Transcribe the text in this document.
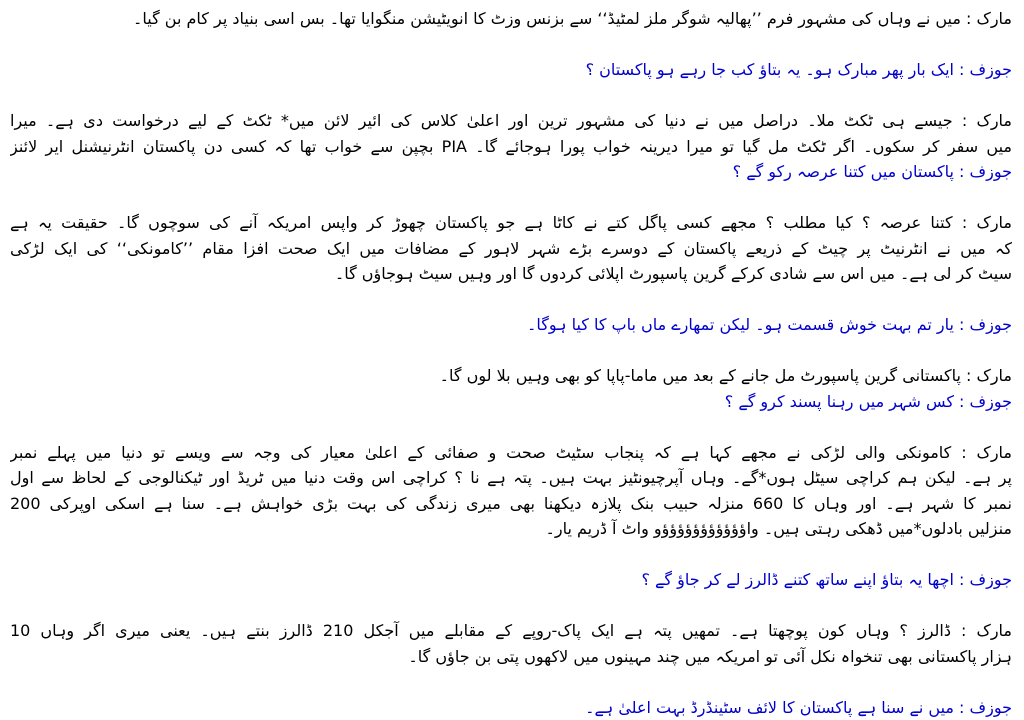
مارک : میں نے وہاں کی مشہور فرم ’’پھالیہ شوگر ملز لمٹیڈ‘‘ سے بزنس وزٹ کا انویٹیشن منگوایا تھا۔ بس اسی بنیاد پر کام بن گیا۔
جوزف : ایک بار پھر مبارک ہو۔ یہ بتاؤ کب جا رہے ہو پاکستان ؟
مارک : جیسے ہی ٹکٹ ملا۔ دراصل میں نے دنیا کی مشہور ترین اور اعلیٰ کلاس کی ائیر لائن میں* ٹکٹ کے لیے درخواست دی ہے۔ میرا
میں سفر کر سکوں۔ اگر ٹکٹ مل گیا تو میرا دیرینہ خواب پورا ہوجائے گا۔ PIA بچپن سے خواب تھا کہ کسی دن پاکستان انٹرنیشنل ایر لائنز
جوزف : پاکستان میں کتنا عرصہ رکو گے ؟
مارک : کتنا عرصہ ؟ کیا مطلب ؟ مجھے کسی پاگل کتے نے کاٹا ہے جو پاکستان چھوڑ کر واپس امریکہ آنے کی سوچوں گا۔ حقیقت یہ ہے
کہ میں نے انٹرنیٹ پر چیٹ کے ذریعے پاکستان کے دوسرے بڑے شہر لاہور کے مضافات میں ایک صحت افزا مقام ’’کامونکی‘‘ کی ایک لڑکی
سیٹ کر لی ہے۔ میں اس سے شادی کرکے گرین پاسپورٹ اپلائی کردوں گا اور وہیں سیٹ ہوجاؤں گا۔
جوزف : یار تم بہت خوش قسمت ہو۔ لیکن تمھارے ماں باپ کا کیا ہوگا۔
مارک : پاکستانی گرین پاسپورٹ مل جانے کے بعد میں ماما-پاپا کو بھی وہیں بلا لوں گا۔
جوزف : کس شہر میں رہنا پسند کرو گے ؟
مارک : کامونکی والی لڑکی نے مجھے کہا ہے کہ پنجاب سٹیٹ صحت و صفائی کے اعلیٰ معیار کی وجہ سے ویسے تو دنیا میں پہلے نمبر
پر ہے۔ لیکن ہم کراچی سیٹل ہوں*گے۔ وہاں آپرچیونٹیز بہت ہیں۔ پتہ ہے نا ؟ کراچی اس وقت دنیا میں ٹریڈ اور ٹیکنالوجی کے لحاظ سے اول
نمبر کا شہر ہے۔ اور وہاں کا 660 منزلہ حبیب بنک پلازہ دیکھنا بھی میری زندگی کی بہت بڑی خواہش ہے۔ سنا ہے اسکی اوپرکی 200
منزلیں بادلوں*میں ڈھکی رہتی ہیں۔ واؤؤؤؤؤؤؤؤؤؤؤو واٹ آ ڈریم یار۔
جوزف : اچھا یہ بتاؤ اپنے ساتھ کتنے ڈالرز لے کر جاؤ گے ؟
مارک : ڈالرز ؟ وہاں کون پوچھتا ہے۔ تمھیں پتہ ہے ایک پاک-روپے کے مقابلے میں آجکل 210 ڈالرز بنتے ہیں۔ یعنی میری اگر وہاں 10
ہزار پاکستانی بھی تنخواہ نکل آئی تو امریکہ میں چند مہینوں میں لاکھوں پتی بن جاؤں گا۔
جوزف : میں نے سنا ہے پاکستان کا لائف سٹینڈرڈ بہت اعلیٰ ہے۔
